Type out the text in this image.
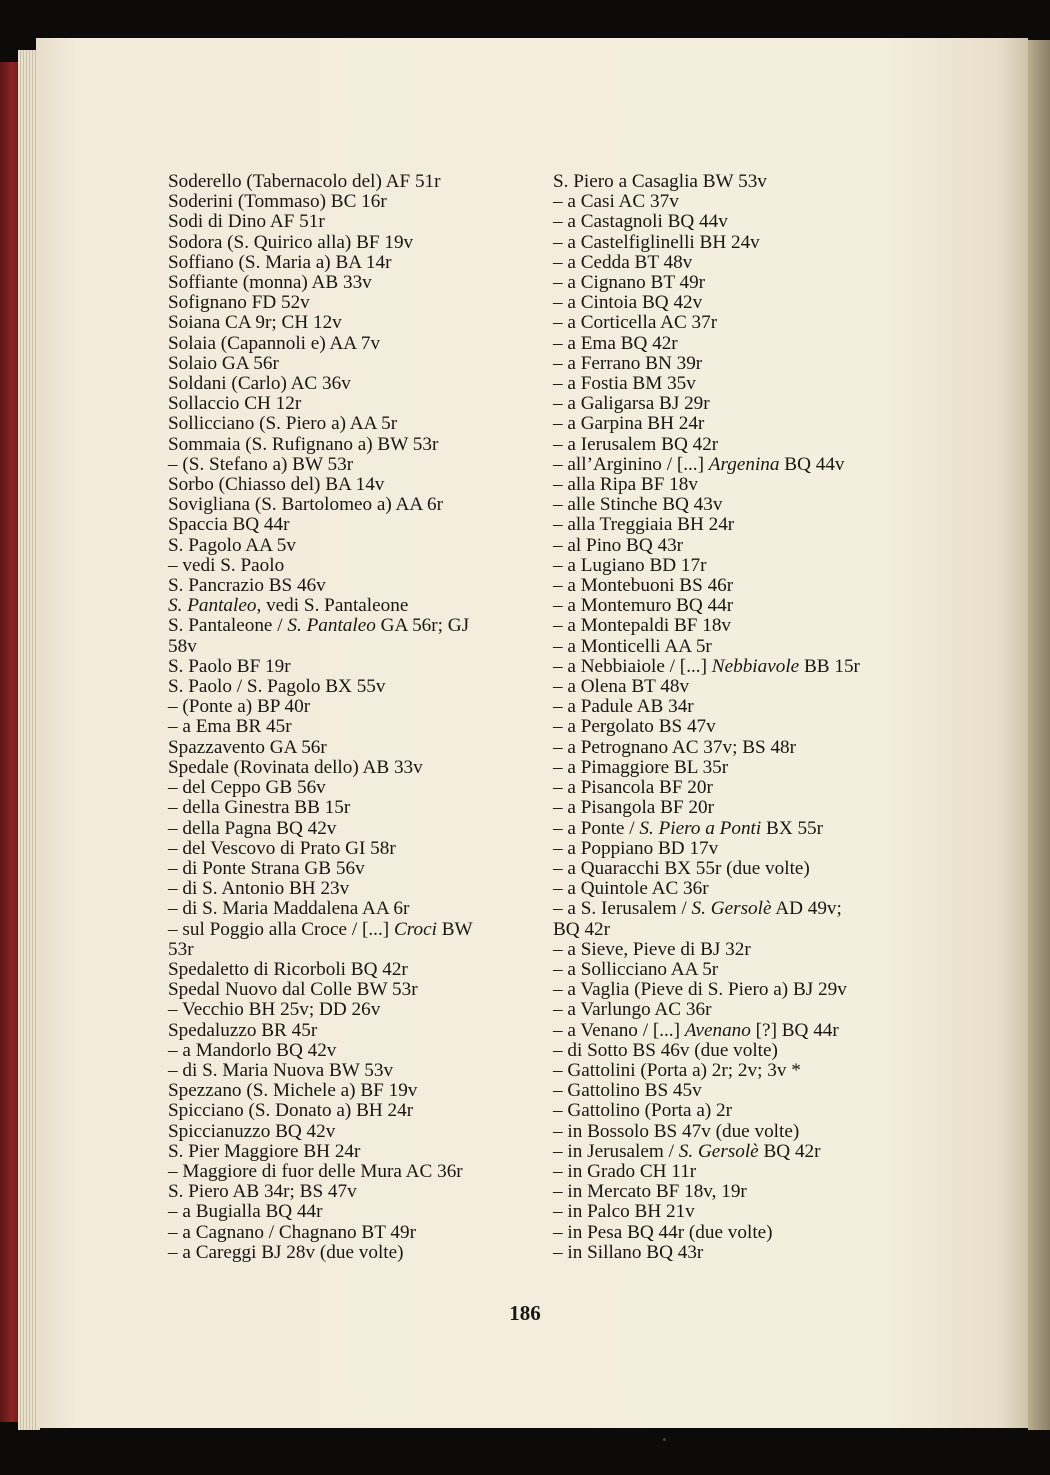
Soderello (Tabernacolo del) AF 51r

Soderini (Tommaso) BC 16r

Sodi di Dino AF 51r

Sodora (S. Quirico alla) BF 19v

Soffiano (S. Maria a) BA 14r

Soffiante (monna) AB 33v

Sofignano FD 52v

Soiana CA 9r; CH 12v

Solaia (Capannoli e) AA 7v

Solaio GA 56r

Soldani (Carlo) AC 36v

Sollaccio CH 12r

Sollicciano (S. Piero a) AA 5r

Sommaia (S. Rufignano a) BW 53r

– (S. Stefano a) BW 53r

Sorbo (Chiasso del) BA 14v

Sovigliana (S. Bartolomeo a) AA 6r

Spaccia BQ 44r

S. Pagolo AA 5v

– vedi S. Paolo

S. Pancrazio BS 46v

S. Pantaleo, vedi S. Pantaleone

S. Pantaleone / S. Pantaleo GA 56r; GJ

58v

S. Paolo BF 19r

S. Paolo / S. Pagolo BX 55v

– (Ponte a) BP 40r

– a Ema BR 45r

Spazzavento GA 56r

Spedale (Rovinata dello) AB 33v

– del Ceppo GB 56v

– della Ginestra BB 15r

– della Pagna BQ 42v

– del Vescovo di Prato GI 58r

– di Ponte Strana GB 56v

– di S. Antonio BH 23v

– di S. Maria Maddalena AA 6r

– sul Poggio alla Croce / [...] Croci BW

53r

Spedaletto di Ricorboli BQ 42r

Spedal Nuovo dal Colle BW 53r

– Vecchio BH 25v; DD 26v

Spedaluzzo BR 45r

– a Mandorlo BQ 42v

– di S. Maria Nuova BW 53v

Spezzano (S. Michele a) BF 19v

Spicciano (S. Donato a) BH 24r

Spiccianuzzo BQ 42v

S. Pier Maggiore BH 24r

– Maggiore di fuor delle Mura AC 36r

S. Piero AB 34r; BS 47v

– a Bugialla BQ 44r

– a Cagnano / Chagnano BT 49r

– a Careggi BJ 28v (due volte)

S. Piero a Casaglia BW 53v

– a Casi AC 37v

– a Castagnoli BQ 44v

– a Castelfiglinelli BH 24v

– a Cedda BT 48v

– a Cignano BT 49r

– a Cintoia BQ 42v

– a Corticella AC 37r

– a Ema BQ 42r

– a Ferrano BN 39r

– a Fostia BM 35v

– a Galigarsa BJ 29r

– a Garpina BH 24r

– a Ierusalem BQ 42r

– all’Arginino / [...] Argenina BQ 44v

– alla Ripa BF 18v

– alle Stinche BQ 43v

– alla Treggiaia BH 24r

– al Pino BQ 43r

– a Lugiano BD 17r

– a Montebuoni BS 46r

– a Montemuro BQ 44r

– a Montepaldi BF 18v

– a Monticelli AA 5r

– a Nebbiaiole / [...] Nebbiavole BB 15r

– a Olena BT 48v

– a Padule AB 34r

– a Pergolato BS 47v

– a Petrognano AC 37v; BS 48r

– a Pimaggiore BL 35r

– a Pisancola BF 20r

– a Pisangola BF 20r

– a Ponte / S. Piero a Ponti BX 55r

– a Poppiano BD 17v

– a Quaracchi BX 55r (due volte)

– a Quintole AC 36r

– a S. Ierusalem / S. Gersolè AD 49v;

BQ 42r

– a Sieve, Pieve di BJ 32r

– a Sollicciano AA 5r

– a Vaglia (Pieve di S. Piero a) BJ 29v

– a Varlungo AC 36r

– a Venano / [...] Avenano [?] BQ 44r

– di Sotto BS 46v (due volte)

– Gattolini (Porta a) 2r; 2v; 3v *

– Gattolino BS 45v

– Gattolino (Porta a) 2r

– in Bossolo BS 47v (due volte)

– in Jerusalem / S. Gersolè BQ 42r

– in Grado CH 11r

– in Mercato BF 18v, 19r

– in Palco BH 21v

– in Pesa BQ 44r (due volte)

– in Sillano BQ 43r

186
